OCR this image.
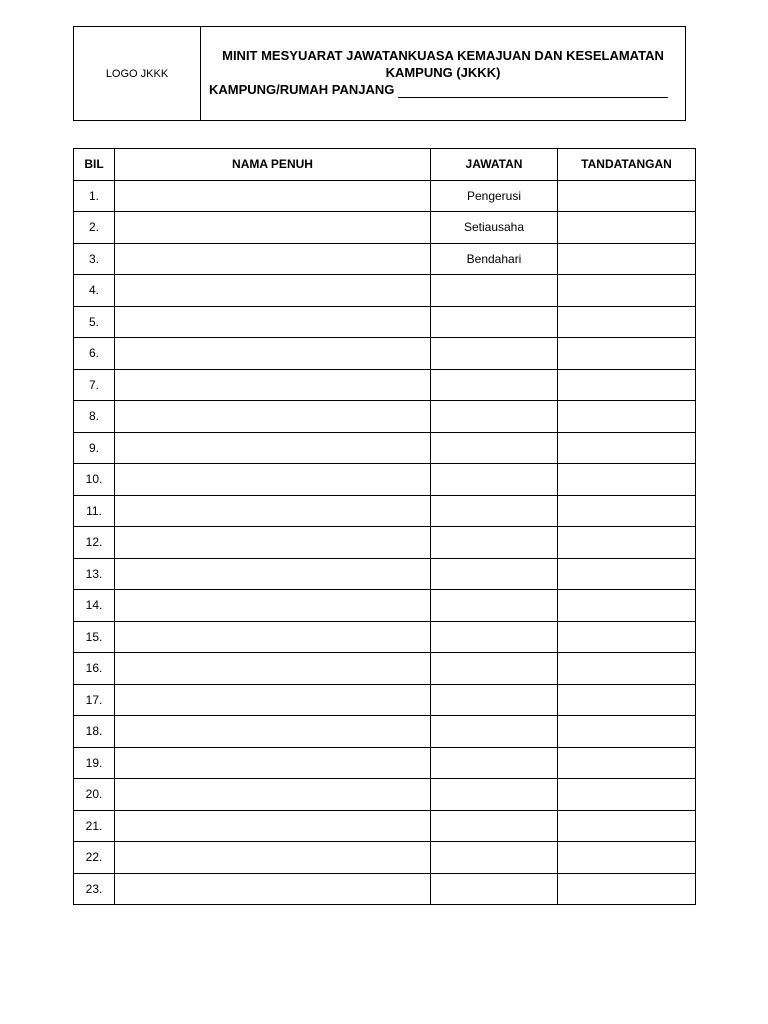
LOGO JKKK
MINIT MESYUARAT JAWATANKUASA KEMAJUAN DAN KESELAMATAN
KAMPUNG (JKKK)
KAMPUNG/RUMAH PANJANG
BIL	NAMA PENUH	JAWATAN	TANDATANGAN
1.		Pengerusi	
2.		Setiausaha	
3.		Bendahari	
4.			
5.			
6.			
7.			
8.			
9.			
10.			
11.			
12.			
13.			
14.			
15.			
16.			
17.			
18.			
19.			
20.			
21.			
22.			
23.			
